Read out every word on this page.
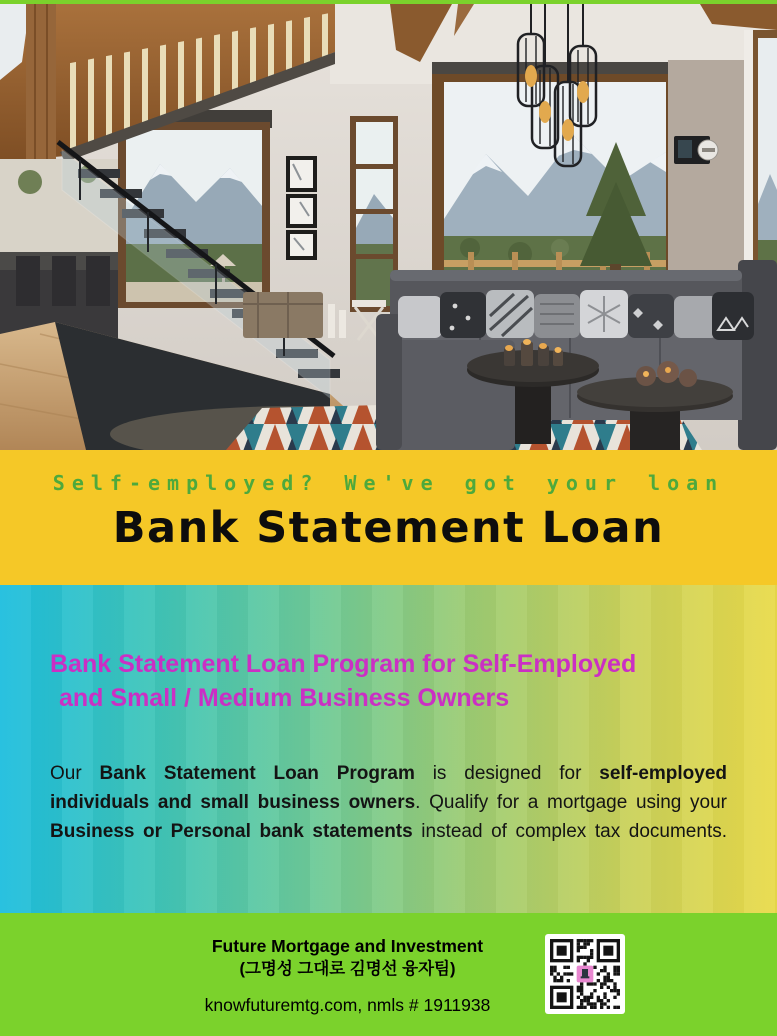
Self-employed? We've got your loan
Bank Statement Loan
Bank Statement Loan Program for Self-Employed
and Small / Medium Business Owners
Our Bank Statement Loan Program is designed for self-employed
individuals and small business owners. Qualify for a mortgage using your
Business or Personal bank statements instead of complex tax documents.
Future Mortgage and Investment
(그명성 그대로 김명선 융자팀)
knowfuturemtg.com, nmls # 1911938
